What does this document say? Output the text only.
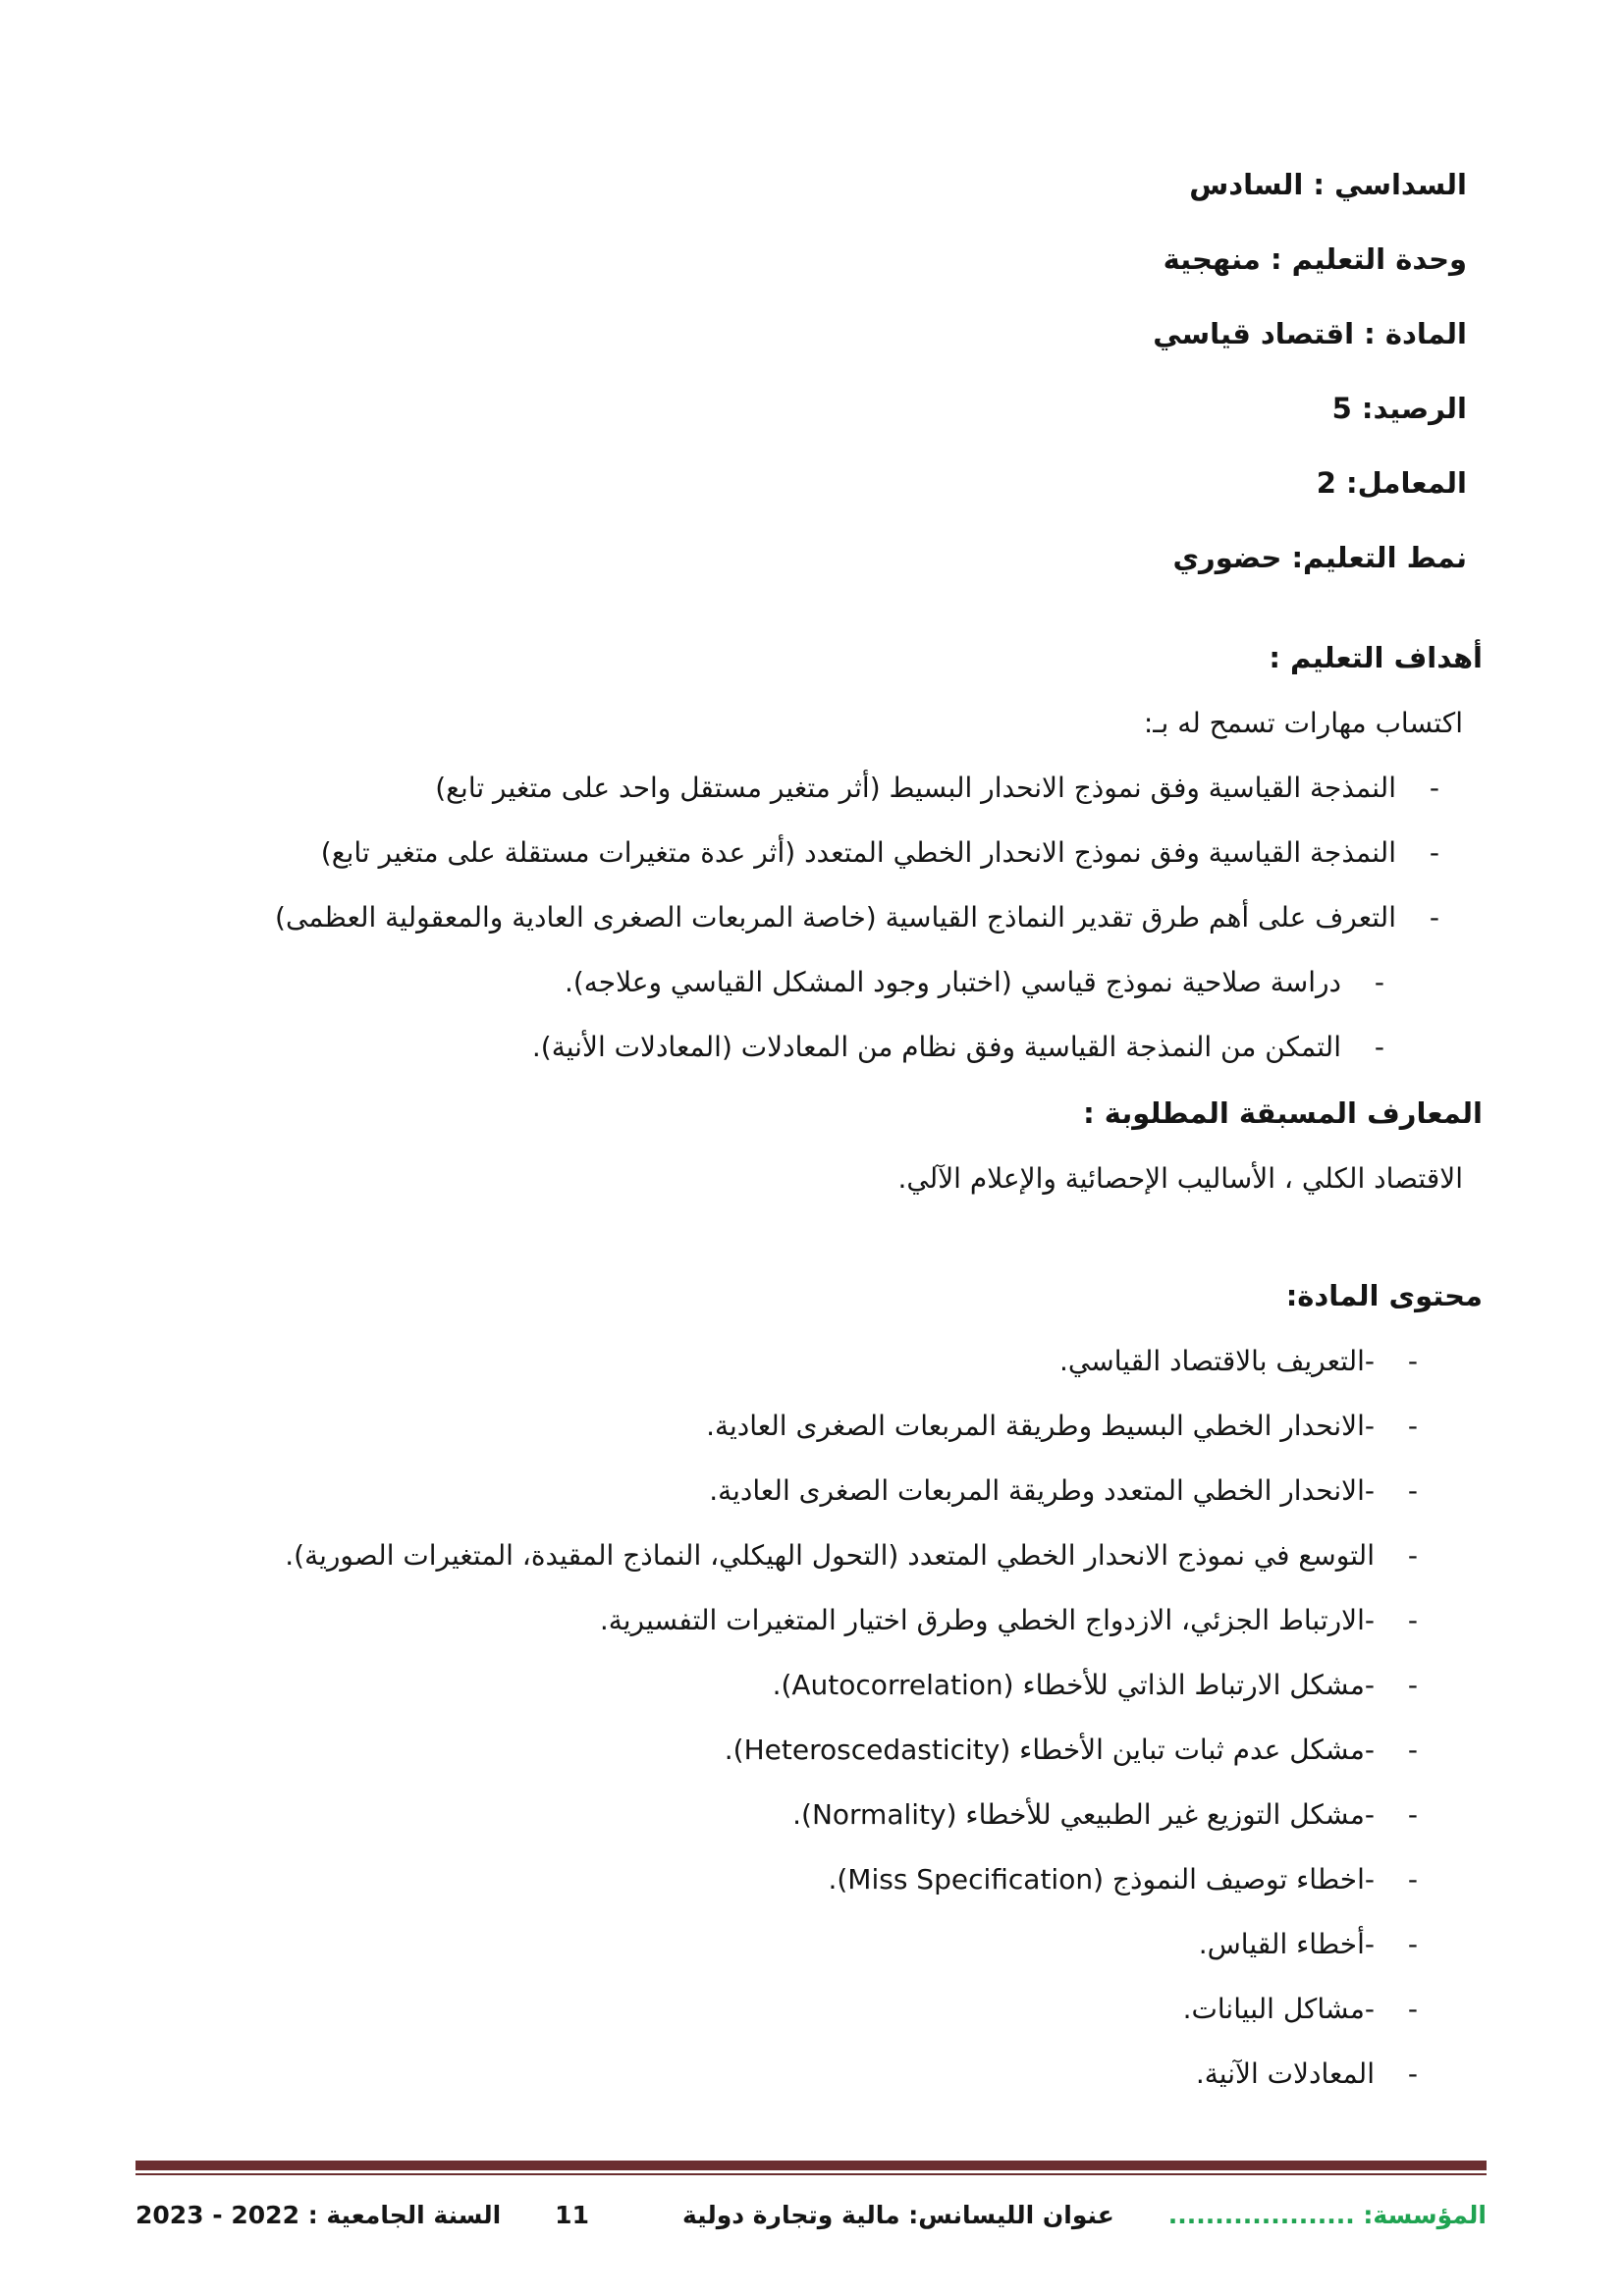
السداسي : السادس

وحدة التعليم : منهجية

المادة : اقتصاد قياسي

الرصيد: 5

المعامل: 2

نمط التعليم: حضوري

أهداف التعليم :

اكتساب مهارات تسمح له بـ:

-
النمذجة القياسية وفق نموذج الانحدار البسيط (أثر متغير مستقل واحد على متغير تابع)
-
النمذجة القياسية وفق نموذج الانحدار الخطي المتعدد (أثر عدة متغيرات مستقلة على متغير تابع)
-
التعرف على أهم طرق تقدير النماذج القياسية (خاصة المربعات الصغرى العادية والمعقولية العظمى)
-
دراسة صلاحية نموذج قياسي (اختبار وجود المشكل القياسي وعلاجه).
-
التمكن من النمذجة القياسية وفق نظام من المعادلات (المعادلات الأنية).
المعارف المسبقة المطلوبة :

الاقتصاد الكلي ، الأساليب الإحصائية والإعلام الآلي.

محتوى المادة:
-
-التعريف بالاقتصاد القياسي.
-
-الانحدار الخطي البسيط وطريقة المربعات الصغرى العادية.
-
-الانحدار الخطي المتعدد وطريقة المربعات الصغرى العادية.
-
التوسع في نموذج الانحدار الخطي المتعدد (التحول الهيكلي، النماذج المقيدة، المتغيرات الصورية).
-
-الارتباط الجزئي، الازدواج الخطي وطرق اختيار المتغيرات التفسيرية.
-
-مشكل الارتباط الذاتي للأخطاء (Autocorrelation).
-
-مشكل عدم ثبات تباين الأخطاء (Heteroscedasticity).
-
-مشكل التوزيع غير الطبيعي للأخطاء (Normality).
-
-اخطاء توصيف النموذج (Miss Specification).
-
-أخطاء القياس.
-
-مشاكل البيانات.
-
المعادلات الآنية.
المؤسسة: ....................
عنوان الليسانس: مالية وتجارة دولية
11
السنة الجامعية : 2022 - 2023
